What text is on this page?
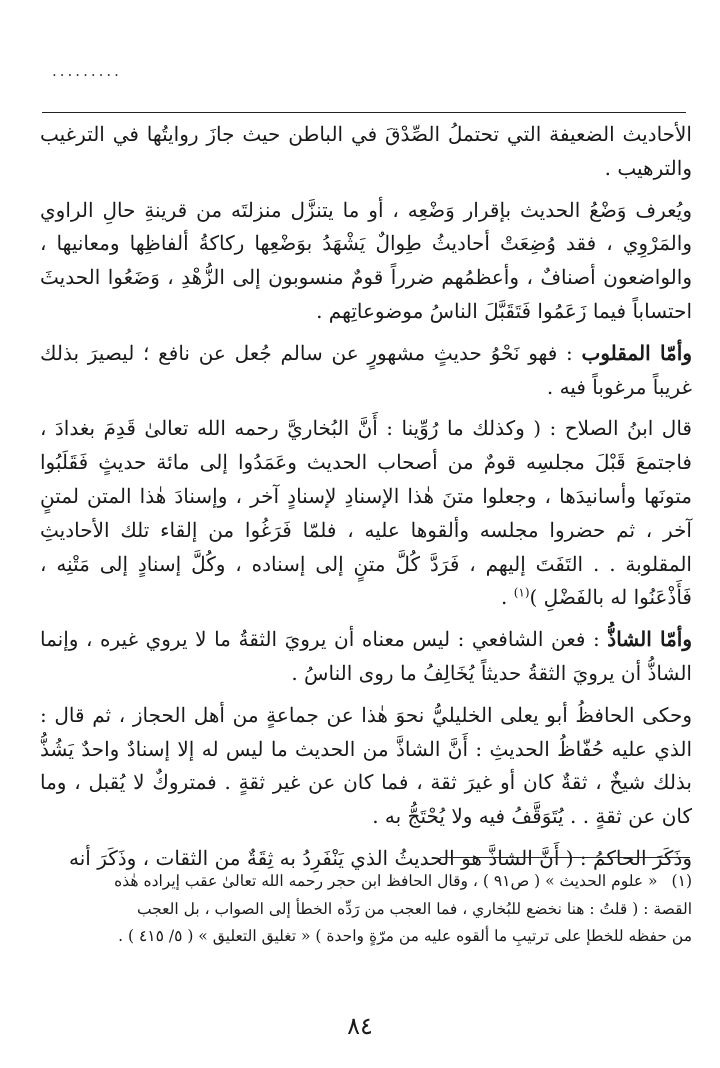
.........

الأحاديث الضعيفة التي تحتملُ الصِّدْقَ في الباطن حيث جازَ روايتُها في الترغيب والترهيب .

ويُعرف وَضْعُ الحديث بإقرار وَضْعِه ، أو ما يتنزَّل منزلتَه من قرينةِ حالِ الراوي والمَرْوِي ، فقد وُضِعَتْ أحاديثُ طِوالٌ يَشْهَدُ بوَضْعِها ركاكةُ ألفاظِها ومعانيها ، والواضعون أصنافٌ ، وأعظمُهم ضرراً قومٌ منسوبون إلى الزُّهْدِ ، وَضَعُوا الحديثَ احتساباً فيما زَعَمُوا فَتَقَبَّلَ الناسُ موضوعاتِهم .

وأمّا المقلوب : فهو نَحْوُ حديثٍ مشهورٍ عن سالم جُعل عن نافع ؛ ليصيرَ بذلك غريباً مرغوباً فيه .

قال ابنُ الصلاح : ( وكذلك ما رُوِّينا : أَنَّ البُخاريَّ رحمه الله تعالىٰ قَدِمَ بغدادَ ، فاجتمعَ قَبْلَ مجلسِه قومٌ من أصحاب الحديث وعَمَدُوا إلى مائة حديثٍ فَقَلَبُوا متونَها وأسانيدَها ، وجعلوا متنَ هٰذا الإسنادِ لإسنادٍ آخر ، وإسنادَ هٰذا المتن لمتنٍ آخر ، ثم حضروا مجلسه وألقوها عليه ، فلمّا فَرَغُوا من إلقاء تلك الأحاديثِ المقلوبة . . التَفَتَ إليهم ، فَرَدَّ كُلَّ متنٍ إلى إسناده ، وكُلَّ إسنادٍ إلى مَتْنِه ، فَأَذْعَنُوا له بالفَضْلِ )$^{(١)}$ .

وأمّا الشاذُّ : فعن الشافعي : ليس معناه أن يرويَ الثقةُ ما لا يروي غيره ، وإنما الشاذُّ أن يرويَ الثقةُ حديثاً يُخَالِفُ ما روى الناسُ .

وحكى الحافظُ أبو يعلى الخليليُّ نحوَ هٰذا عن جماعةٍ من أهل الحجاز ، ثم قال : الذي عليه حُفّاظُ الحديثِ : أَنَّ الشاذَّ من الحديث ما ليس له إلا إسنادٌ واحدٌ يَشُذُّ بذلك شيخٌ ، ثقةٌ كان أو غيرَ ثقة ، فما كان عن غير ثقةٍ . فمتروكٌ لا يُقبل ، وما كان عن ثقةٍ . . يُتَوَقَّفُ فيه ولا يُحْتَجُّ به .

وذَكَرَ الحاكمُ : ( أَنَّ الشاذَّ هو الحديثُ الذي يَنْفَرِدُ به ثِقَةٌ من الثقات ، وذَكَرَ أنه

(١)« علوم الحديث » ( ص٩١ ) ، وقال الحافظ ابن حجر رحمه الله تعالىٰ عقب إيراده هٰذه

القصة : ( قلتُ : هنا نخضع للبُخاري ، فما العجب من رَدِّه الخطأ إلى الصواب ، بل العجب

من حفظه للخطإ على ترتيبِ ما ألقوه عليه من مرّةٍ واحدة ) « تغليق التعليق » ( ٥/ ٤١٥ ) .

٨٤
